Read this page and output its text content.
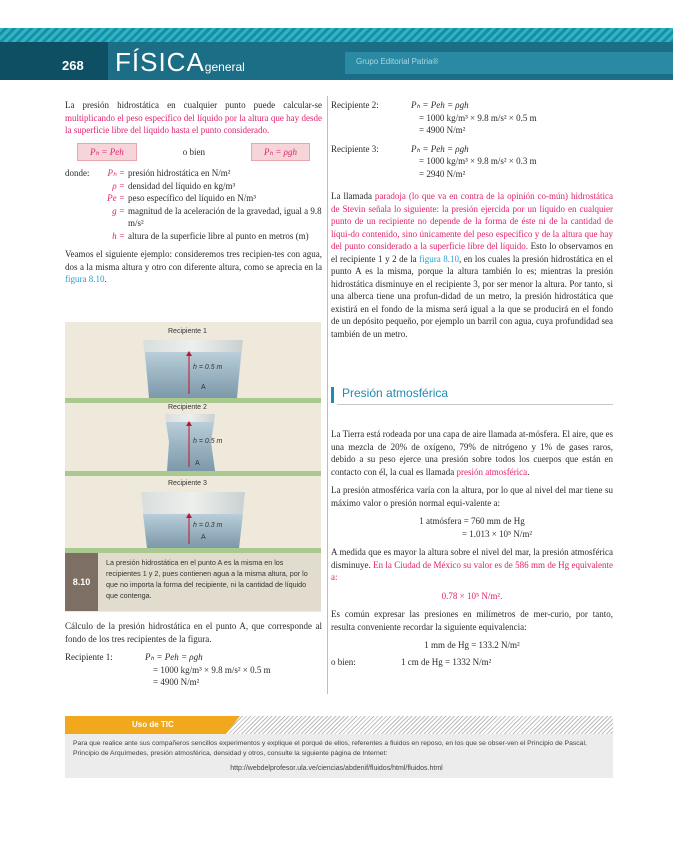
268 FÍSICAgeneral	Grupo Editorial Patria®

La presión hidrostática en cualquier punto puede calcular-se multiplicando el peso específico del líquido por la altura que hay desde la superficie libre del líquido hasta el punto considerado.

Pₕ = Peh	o bien	Pₕ = ρgh
donde:	Pₕ = presión hidrostática en N/m²
ρ = densidad del líquido en kg/m³
Pe = peso específico del líquido en N/m³
g = magnitud de la aceleración de la gravedad, igual a 9.8 m/s²
h = altura de la superficie libre al punto en metros (m)

Veamos el siguiente ejemplo: consideremos tres recipien-tes con agua, dos a la misma altura y otro con diferente altura, como se aprecia en la figura 8.10.

Recipiente 1
Recipiente 2
Recipiente 3
h = 0.5 m
h = 0.5 m
h = 0.3 m
A
A
A
8.10
La presión hidrostática en el punto A es la misma en los recipientes 1 y 2, pues contienen agua a la misma altura, por lo que no importa la forma del recipiente, ni la cantidad de líquido que contenga.

Cálculo de la presión hidrostática en el punto A, que corresponde al fondo de los tres recipientes de la figura.

Recipiente 1:	Pₕ = Peh = ρgh
= 1000 kg/m³ × 9.8 m/s² × 0.5 m
= 4900 N/m²
Recipiente 2:	Pₕ = Peh = ρgh
= 1000 kg/m³ × 9.8 m/s² × 0.5 m
= 4900 N/m²
Recipiente 3:	Pₕ = Peh = ρgh
= 1000 kg/m³ × 9.8 m/s² × 0.3 m
= 2940 N/m²

La llamada paradoja (lo que va en contra de la opinión co-mún) hidrostática de Stevin señala lo siguiente: la presión ejercida por un líquido en cualquier punto de un recipiente no depende de la forma de éste ni de la cantidad de líqui-do contenido, sino únicamente del peso específico y de la altura que hay del punto considerado a la superficie libre del líquido. Esto lo observamos en el recipiente 1 y 2 de la figura 8.10, en los cuales la presión hidrostática en el punto A es la misma, porque la altura también lo es; mientras la presión hidrostática disminuye en el recipiente 3, por ser menor la altura. Por tanto, si una alberca tiene una profun-didad de un metro, la presión hidrostática que existirá en el fondo de la misma será igual a la que se producirá en el fondo de un depósito pequeño, por ejemplo un barril con agua, cuya profundidad sea también de un metro.

Presión atmosférica

La Tierra está rodeada por una capa de aire llamada at-mósfera. El aire, que es una mezcla de 20% de oxígeno, 79% de nitrógeno y 1% de gases raros, debido a su peso ejerce una presión sobre todos los cuerpos que están en contacto con él, la cual es llamada presión atmosférica.

La presión atmosférica varía con la altura, por lo que al nivel del mar tiene su máximo valor o presión normal equi-valente a:

1 atmósfera = 760 mm de Hg
= 1.013 × 10⁵ N/m²

A medida que es mayor la altura sobre el nivel del mar, la presión atmosférica disminuye. En la Ciudad de México su valor es de 586 mm de Hg equivalente a:

0.78 × 10⁵ N/m².

Es común expresar las presiones en milímetros de mer-curio, por tanto, resulta conveniente recordar la siguiente equivalencia:

1 mm de Hg = 133.2 N/m²
o bien:	1 cm de Hg = 1332 N/m²
Uso de TIC
Para que realice ante sus compañeros sencillos experimentos y explique el porqué de ellos, referentes a fluidos en reposo, en los que se obser-ven el Principio de Pascal, Principio de Arquímedes, presión atmosférica, densidad y otros, consulte la siguiente página de Internet:
http://webdelprofesor.ula.ve/ciencias/abdenif/fluidos/html/fluidos.html
